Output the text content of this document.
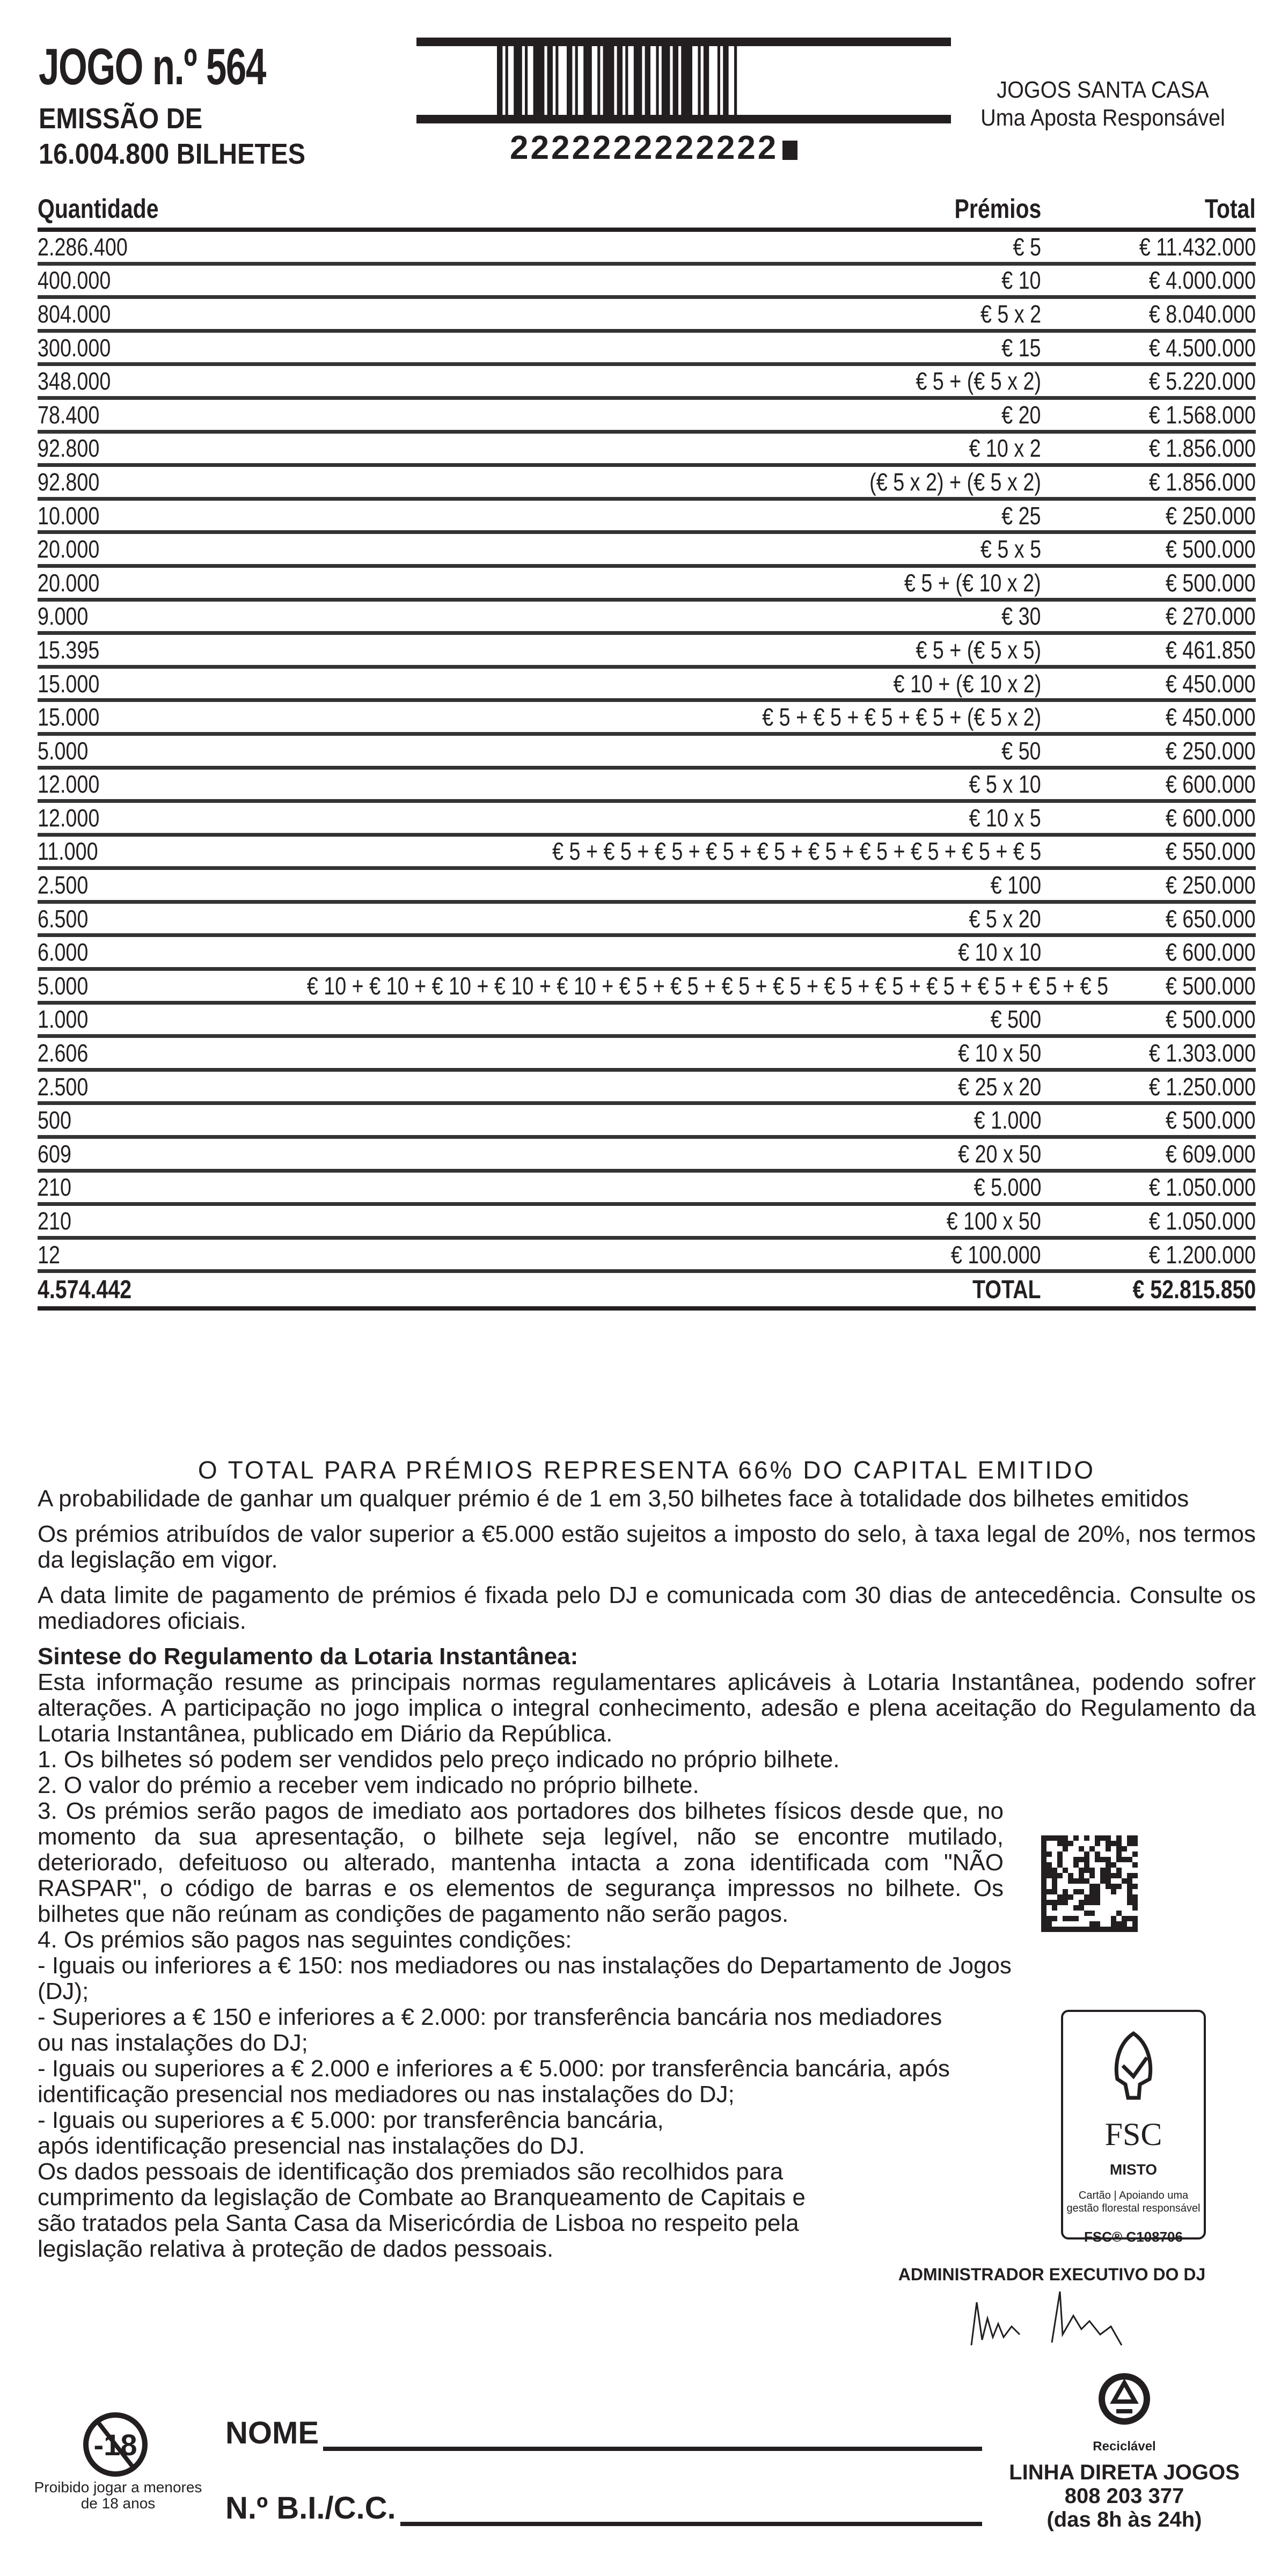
JOGO n.º 564
EMISSÃO DE
16.004.800 BILHETES	2222222222222
JOGOS SANTA CASA
Uma Aposta Responsável
Quantidade	Prémios	Total
2.286.400	€ 5	€ 11.432.000
400.000	€ 10	€ 4.000.000
804.000	€ 5 x 2	€ 8.040.000
300.000	€ 15	€ 4.500.000
348.000	€ 5 + (€ 5 x 2)	€ 5.220.000
78.400	€ 20	€ 1.568.000
92.800	€ 10 x 2	€ 1.856.000
92.800	(€ 5 x 2) + (€ 5 x 2)	€ 1.856.000
10.000	€ 25	€ 250.000
20.000	€ 5 x 5	€ 500.000
20.000	€ 5 + (€ 10 x 2)	€ 500.000
9.000	€ 30	€ 270.000
15.395	€ 5 + (€ 5 x 5)	€ 461.850
15.000	€ 10 + (€ 10 x 2)	€ 450.000
15.000	€ 5 + € 5 + € 5 + € 5 + (€ 5 x 2)	€ 450.000
5.000	€ 50	€ 250.000
12.000	€ 5 x 10	€ 600.000
12.000	€ 10 x 5	€ 600.000
11.000	€ 5 + € 5 + € 5 + € 5 + € 5 + € 5 + € 5 + € 5 + € 5 + € 5	€ 550.000
2.500	€ 100	€ 250.000
6.500	€ 5 x 20	€ 650.000
6.000	€ 10 x 10	€ 600.000
5.000	€ 10 + € 10 + € 10 + € 10 + € 10 + € 5 + € 5 + € 5 + € 5 + € 5 + € 5 + € 5 + € 5 + € 5 + € 5	€ 500.000
1.000	€ 500	€ 500.000
2.606	€ 10 x 50	€ 1.303.000
2.500	€ 25 x 20	€ 1.250.000
500	€ 1.000	€ 500.000
609	€ 20 x 50	€ 609.000
210	€ 5.000	€ 1.050.000
210	€ 100 x 50	€ 1.050.000
12	€ 100.000	€ 1.200.000
4.574.442	TOTAL	€ 52.815.850
O TOTAL PARA PRÉMIOS REPRESENTA 66% DO CAPITAL EMITIDO

A probabilidade de ganhar um qualquer prémio é de 1 em 3,50 bilhetes face à totalidade dos bilhetes emitidos

Os prémios atribuídos de valor superior a €5.000 estão sujeitos a imposto do selo, à taxa legal de 20%, nos termos da legislação em vigor.

A data limite de pagamento de prémios é fixada pelo DJ e comunicada com 30 dias de antecedência. Consulte os mediadores oficiais.

Sintese do Regulamento da Lotaria Instantânea:

Esta informação resume as principais normas regulamentares aplicáveis à Lotaria Instantânea, podendo sofrer alterações. A participação no jogo implica o integral conhecimento, adesão e plena aceitação do Regulamento da Lotaria Instantânea, publicado em Diário da República.

1. Os bilhetes só podem ser vendidos pelo preço indicado no próprio bilhete.

2. O valor do prémio a receber vem indicado no próprio bilhete.

3. Os prémios serão pagos de imediato aos portadores dos bilhetes físicos desde que, no momento da sua apresentação, o bilhete seja legível, não se encontre mutilado, deteriorado, defeituoso ou alterado, mantenha intacta a zona identificada com "NÃO RASPAR", o código de barras e os elementos de segurança impressos no bilhete. Os bilhetes que não reúnam as condições de pagamento não serão pagos.

4. Os prémios são pagos nas seguintes condições:

- Iguais ou inferiores a € 150: nos mediadores ou nas instalações do Departamento de Jogos (DJ);

- Superiores a € 150 e inferiores a € 2.000: por transferência bancária nos mediadores ou nas instalações do DJ;

- Iguais ou superiores a € 2.000 e inferiores a € 5.000: por transferência bancária, após identificação presencial nos mediadores ou nas instalações do DJ;

- Iguais ou superiores a € 5.000: por transferência bancária,

após identificação presencial nas instalações do DJ.

Os dados pessoais de identificação dos premiados são recolhidos para cumprimento da legislação de Combate ao Branqueamento de Capitais e são tratados pela Santa Casa da Misericórdia de Lisboa no respeito pela legislação relativa à proteção de dados pessoais.

FSC
MISTO
Cartão | Apoiando uma gestão florestal responsável
FSC® C108706
ADMINISTRADOR EXECUTIVO DO DJ
-18
Proibido jogar a menores de 18 anos
NOME
N.º B.I./C.C.
Reciclável
LINHA DIRETA JOGOS
808 203 377
(das 8h às 24h)
